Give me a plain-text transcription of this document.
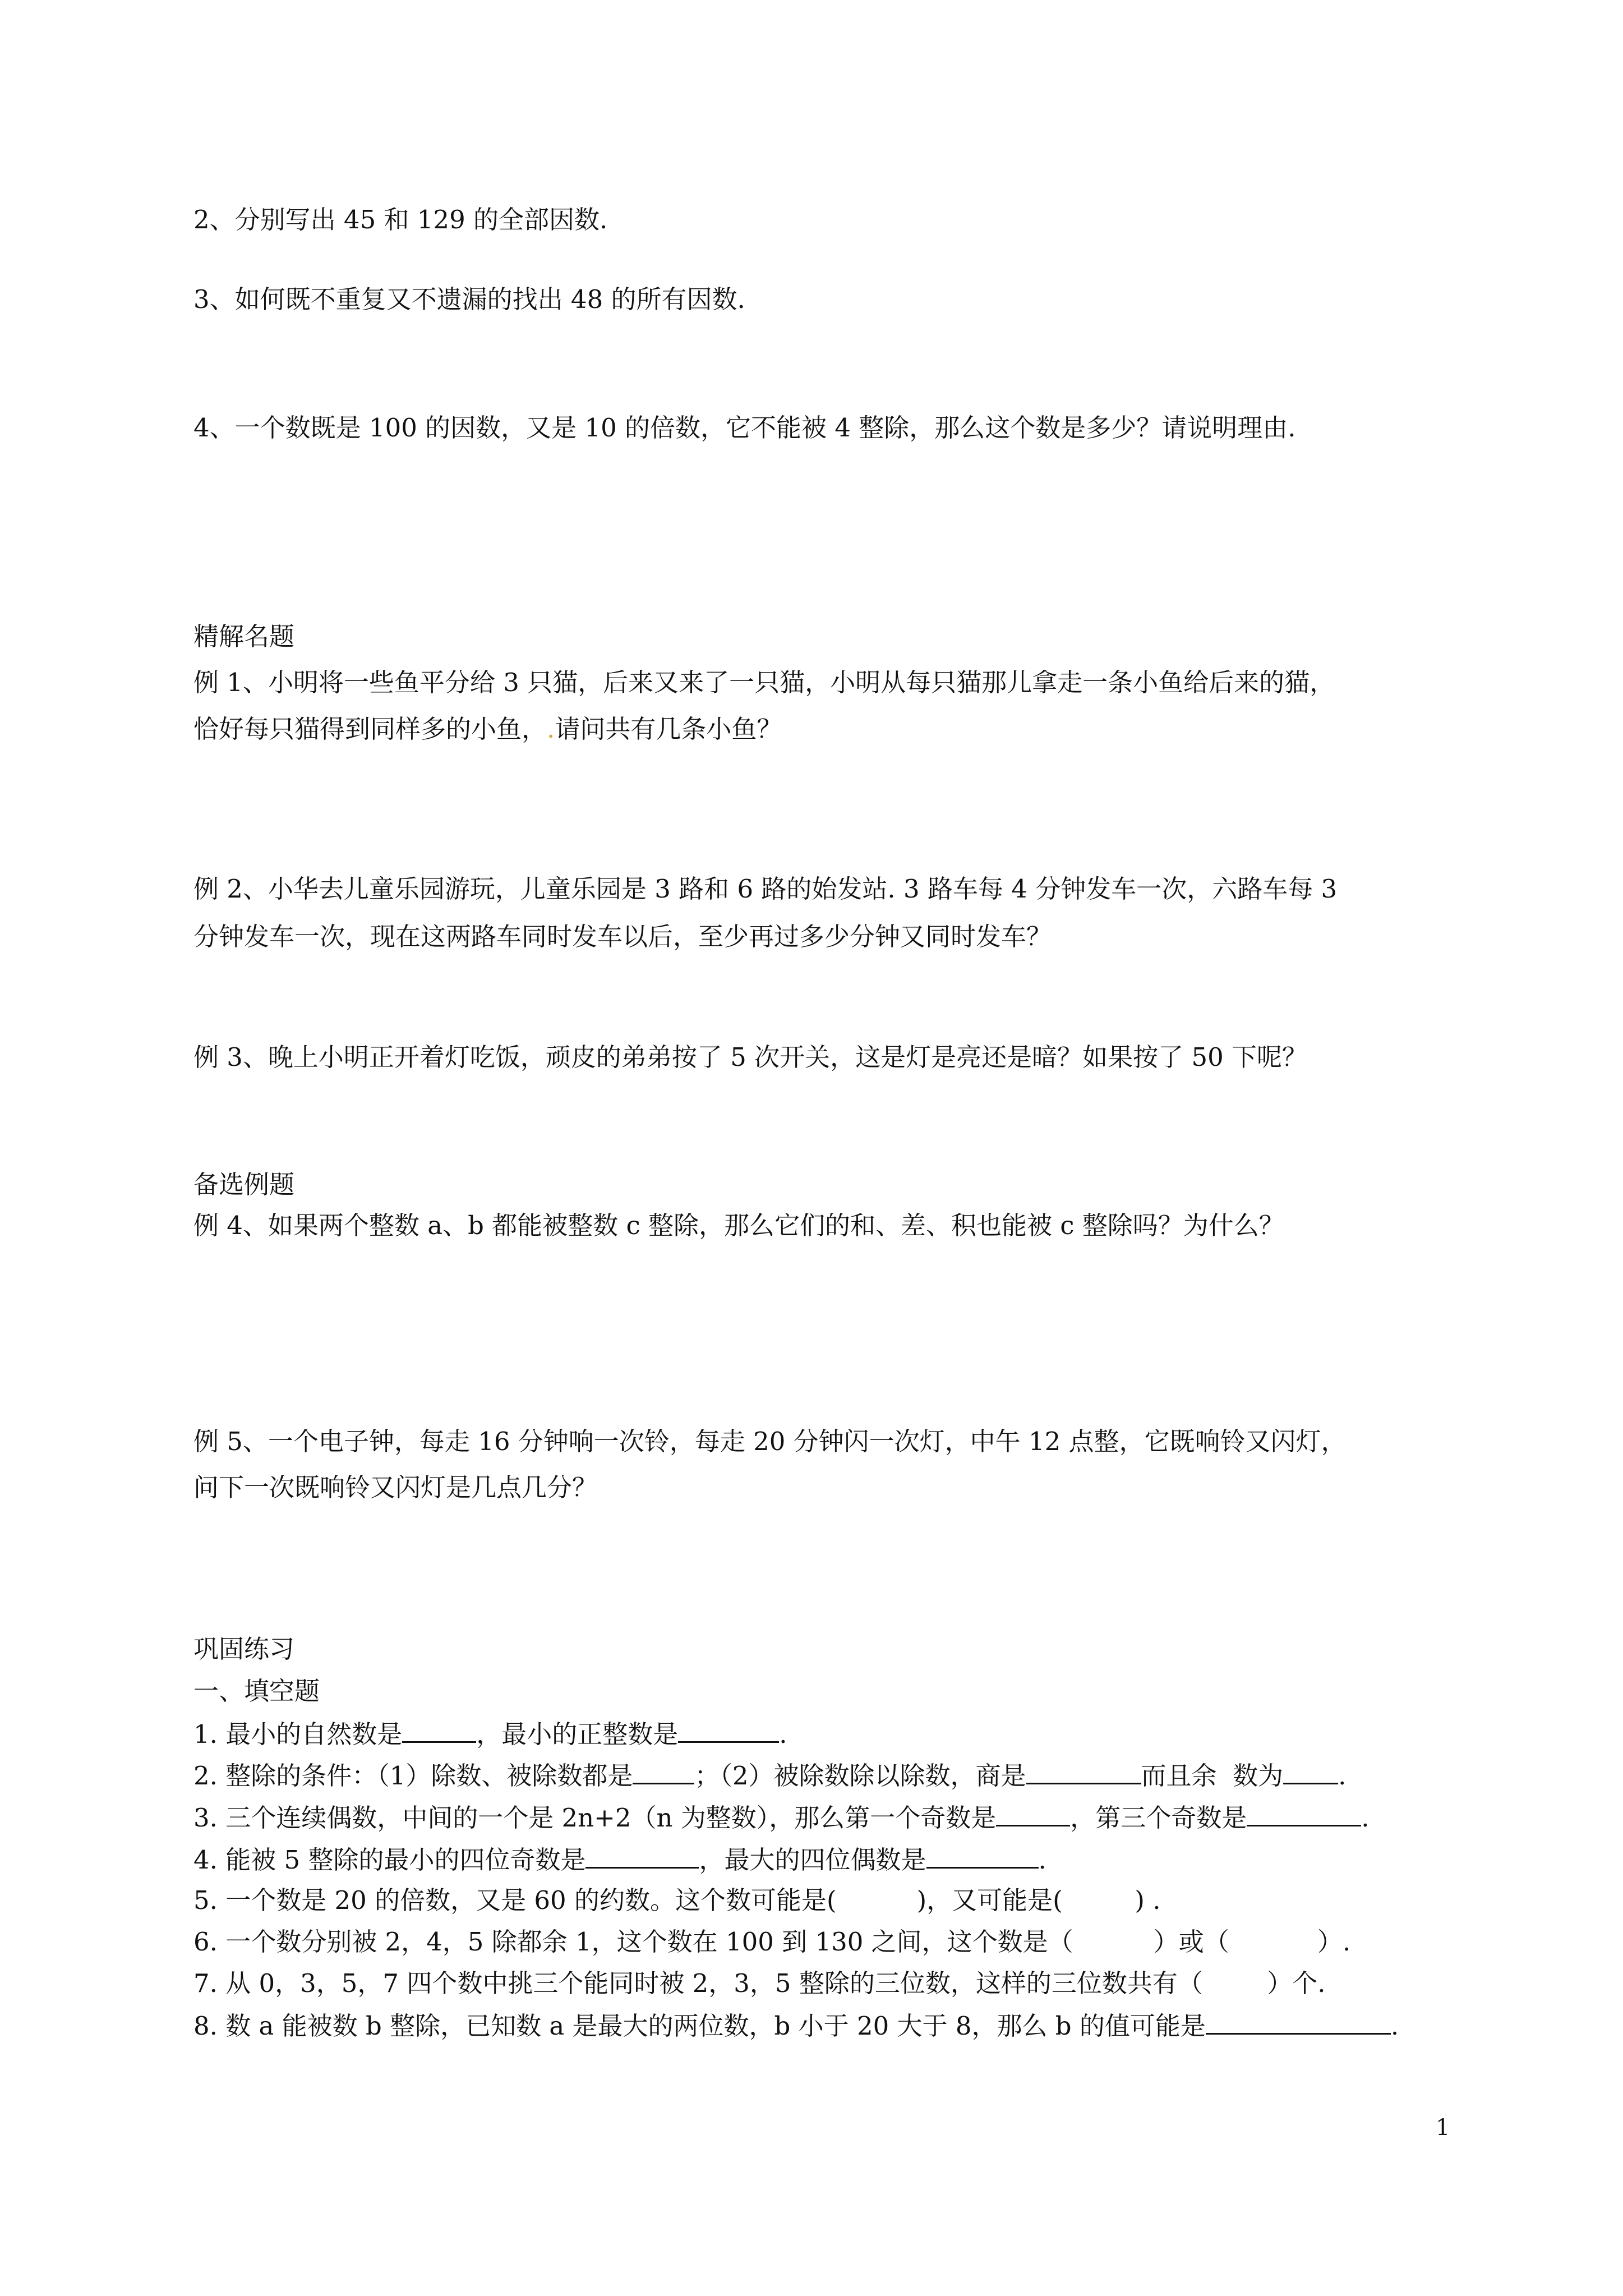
2、分别写出 45 和 129 的全部因数.
3、如何既不重复又不遗漏的找出 48 的所有因数.
4、一个数既是 100 的因数，又是 10 的倍数，它不能被 4 整除，那么这个数是多少？请说明理由.
精解名题
例 1、小明将一些鱼平分给 3 只猫，后来又来了一只猫，小明从每只猫那儿拿走一条小鱼给后来的猫，
恰好每只猫得到同样多的小鱼，.请问共有几条小鱼？
例 2、小华去儿童乐园游玩，儿童乐园是 3 路和 6 路的始发站. 3 路车每 4 分钟发车一次，六路车每 3
分钟发车一次，现在这两路车同时发车以后，至少再过多少分钟又同时发车？
例 3、晚上小明正开着灯吃饭，顽皮的弟弟按了 5 次开关，这是灯是亮还是暗？如果按了 50 下呢？
备选例题
例 4、如果两个整数 a、b 都能被整数 c 整除，那么它们的和、差、积也能被 c 整除吗？为什么？
例 5、一个电子钟，每走 16 分钟响一次铃，每走 20 分钟闪一次灯，中午 12 点整，它既响铃又闪灯，
问下一次既响铃又闪灯是几点几分？
巩固练习
一、填空题
1. 最小的自然数是	，最小的正整数是	.
2. 整除的条件：（1）除数、被除数都是 ；（2）被除数除以除数，商是	而且余  数为 .
3. 三个连续偶数，中间的一个是 2n+2（n 为整数），那么第一个奇数是	，第三个奇数是	.
4. 能被 5 整除的最小的四位奇数是	，最大的四位偶数是	.
5. 一个数是 20 的倍数，又是 60 的约数。这个数可能是(          )，又可能是(         ) .
6. 一个数分别被 2，4，5 除都余 1，这个数在 100 到 130 之间，这个数是（          ）或（           ）.
7. 从 0，3，5，7 四个数中挑三个能同时被 2，3，5 整除的三位数，这样的三位数共有（        ）个.
8. 数 a 能被数 b 整除，已知数 a 是最大的两位数，b 小于 20 大于 8，那么 b 的值可能是	.
1
